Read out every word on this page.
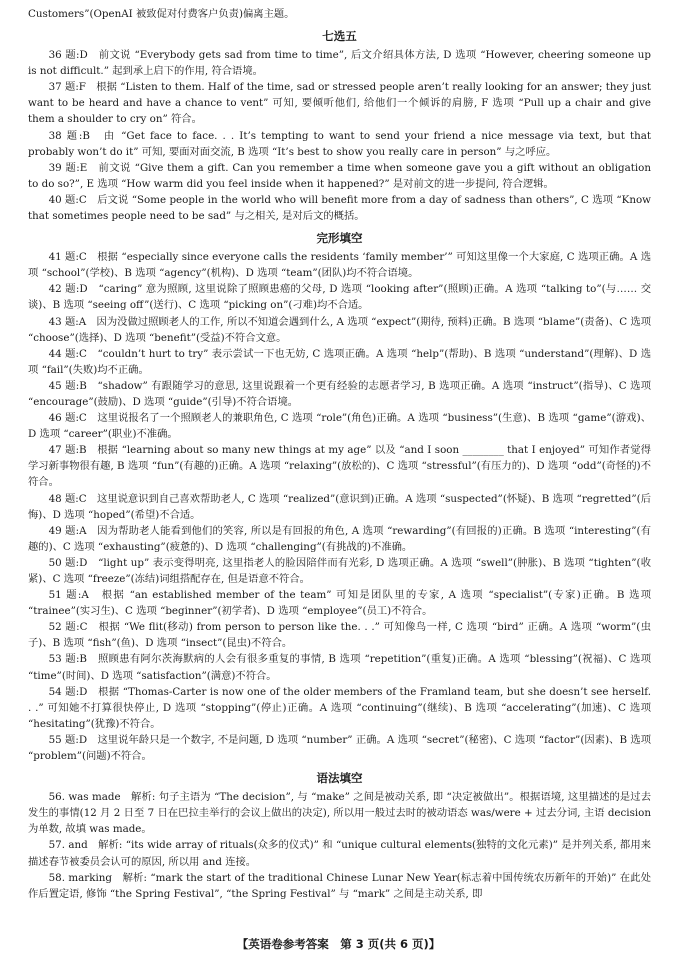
Customers”(OpenAI 被致促对付费客户负责)偏离主题。

七选五

36 题:D　前文说 “Everybody gets sad from time to time”, 后文介绍具体方法, D 选项 “However, cheering someone up is not difficult.” 起到承上启下的作用, 符合语境。

37 题:F　根据 “Listen to them. Half of the time, sad or stressed people aren’t really looking for an answer; they just want to be heard and have a chance to vent” 可知, 要倾听他们, 给他们一个倾诉的肩膀, F 选项 “Pull up a chair and give them a shoulder to cry on” 符合。

38 题:B　由 “Get face to face. . . It’s tempting to want to send your friend a nice message via text, but that probably won’t do it” 可知, 要面对面交流, B 选项 “It’s best to show you really care in person” 与之呼应。

39 题:E　前文说 “Give them a gift. Can you remember a time when someone gave you a gift without an obligation to do so?”, E 选项 “How warm did you feel inside when it happened?” 是对前文的进一步提问, 符合逻辑。

40 题:C　后文说 “Some people in the world who will benefit more from a day of sadness than others”, C 选项 “Know that sometimes people need to be sad” 与之相关, 是对后文的概括。

完形填空

41 题:C　根据 “especially since everyone calls the residents ‘family member’” 可知这里像一个大家庭, C 选项正确。A 选项 “school”(学校)、B 选项 “agency”(机构)、D 选项 “team”(团队)均不符合语境。

42 题:D　“caring” 意为照顾, 这里说除了照顾患癌的父母, D 选项 “looking after”(照顾)正确。A 选项 “talking to”(与…… 交谈)、B 选项 “seeing off”(送行)、C 选项 “picking on”(刁难)均不合适。

43 题:A　因为没做过照顾老人的工作, 所以不知道会遇到什么, A 选项 “expect”(期待, 预料)正确。B 选项 “blame”(责备)、C 选项 “choose”(选择)、D 选项 “benefit”(受益)不符合文意。

44 题:C　“couldn’t hurt to try” 表示尝试一下也无妨, C 选项正确。A 选项 “help”(帮助)、B 选项 “understand”(理解)、D 选项 “fail”(失败)均不正确。

45 题:B　“shadow” 有跟随学习的意思, 这里说跟着一个更有经验的志愿者学习, B 选项正确。A 选项 “instruct”(指导)、C 选项 “encourage”(鼓励)、D 选项 “guide”(引导)不符合语境。

46 题:C　这里说报名了一个照顾老人的兼职角色, C 选项 “role”(角色)正确。A 选项 “business”(生意)、B 选项 “game”(游戏)、D 选项 “career”(职业)不准确。

47 题:B　根据 “learning about so many new things at my age” 以及 “and I soon ________ that I enjoyed” 可知作者觉得学习新事物很有趣, B 选项 “fun”(有趣的)正确。A 选项 “relaxing”(放松的)、C 选项 “stressful”(有压力的)、D 选项 “odd”(奇怪的)不符合。

48 题:C　这里说意识到自己喜欢帮助老人, C 选项 “realized”(意识到)正确。A 选项 “suspected”(怀疑)、B 选项 “regretted”(后悔)、D 选项 “hoped”(希望)不合适。

49 题:A　因为帮助老人能看到他们的笑容, 所以是有回报的角色, A 选项 “rewarding”(有回报的)正确。B 选项 “interesting”(有趣的)、C 选项 “exhausting”(疲惫的)、D 选项 “challenging”(有挑战的)不准确。

50 题:D　“light up” 表示变得明亮, 这里指老人的脸因陪伴而有光彩, D 选项正确。A 选项 “swell”(肿胀)、B 选项 “tighten”(收紧)、C 选项 “freeze”(冻结)词组搭配存在, 但是语意不符合。

51 题:A　根据 “an established member of the team” 可知是团队里的专家, A 选项 “specialist”(专家)正确。B 选项 “trainee”(实习生)、C 选项 “beginner”(初学者)、D 选项 “employee”(员工)不符合。

52 题:C　根据 “We flit(移动) from person to person like the. . .” 可知像鸟一样, C 选项 “bird” 正确。A 选项 “worm”(虫子)、B 选项 “fish”(鱼)、D 选项 “insect”(昆虫)不符合。

53 题:B　照顾患有阿尔茨海默病的人会有很多重复的事情, B 选项 “repetition”(重复)正确。A 选项 “blessing”(祝福)、C 选项 “time”(时间)、D 选项 “satisfaction”(满意)不符合。

54 题:D　根据 “Thomas-Carter is now one of the older members of the Framland team, but she doesn’t see herself. . .” 可知她不打算很快停止, D 选项 “stopping”(停止)正确。A 选项 “continuing”(继续)、B 选项 “accelerating”(加速)、C 选项 “hesitating”(犹豫)不符合。

55 题:D　这里说年龄只是一个数字, 不是问题, D 选项 “number” 正确。A 选项 “secret”(秘密)、C 选项 “factor”(因素)、B 选项 “problem”(问题)不符合。

语法填空

56. was made　解析: 句子主语为 “The decision”, 与 “make” 之间是被动关系, 即 “决定被做出”。根据语境, 这里描述的是过去发生的事情(12 月 2 日至 7 日在巴拉圭举行的会议上做出的决定), 所以用一般过去时的被动语态 was/were + 过去分词, 主语 decision 为单数, 故填 was made。

57. and　解析: “its wide array of rituals(众多的仪式)” 和 “unique cultural elements(独特的文化元素)” 是并列关系, 都用来描述春节被委员会认可的原因, 所以用 and 连接。

58. marking　解析: “mark the start of the traditional Chinese Lunar New Year(标志着中国传统农历新年的开始)” 在此处作后置定语, 修饰 “the Spring Festival”, “the Spring Festival” 与 “mark” 之间是主动关系, 即

【英语卷参考答案　第 3 页(共 6 页)】
